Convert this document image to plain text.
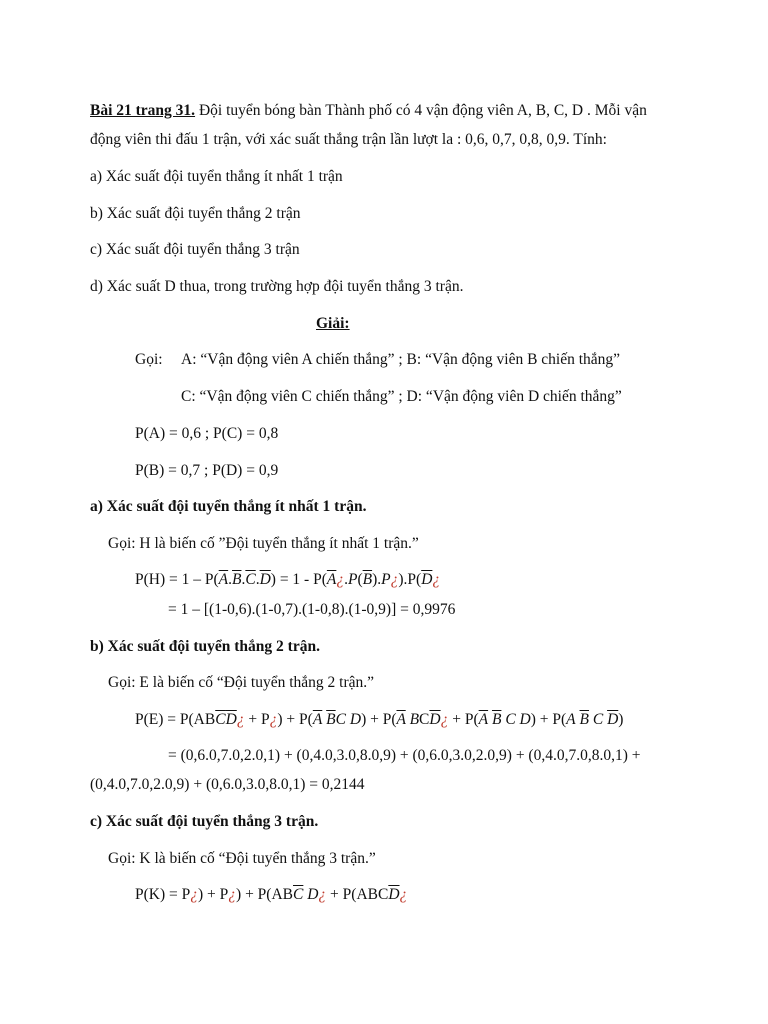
Bài 21 trang 31. Đội tuyển bóng bàn Thành phố có 4 vận động viên A, B, C, D . Mỗi vận
động viên thi đấu 1 trận, với xác suất thắng trận lần lượt la : 0,6, 0,7, 0,8, 0,9. Tính:
a) Xác suất đội tuyển thắng ít nhất 1 trận
b) Xác suất đội tuyển thắng 2 trận
c) Xác suất đội tuyển thắng 3 trận
d) Xác suất D thua, trong trường hợp đội tuyển thắng 3 trận.
Giải:
Gọi: A: “Vận động viên A chiến thắng” ; B: “Vận động viên B chiến thắng”
C: “Vận động viên C chiến thắng” ; D: “Vận động viên D chiến thắng”
P(A) = 0,6 ; P(C) = 0,8
P(B) = 0,7 ; P(D) = 0,9
a) Xác suất đội tuyển thắng ít nhất 1 trận.
Gọi: H là biến cố ”Đội tuyển thắng ít nhất 1 trận.”
$P(H) = 1 - P(\overline{A}.\overline{B}.\overline{C}.\overline{D}) = 1$ - $P(\overline{A}¿.P(\overline{B}).P¿).P(\overline{D}¿$
= 1 – [(1-0,6).(1-0,7).(1-0,8).(1-0,9)] = 0,9976
b) Xác suất đội tuyển thắng 2 trận.
Gọi: E là biến cố “Đội tuyển thắng 2 trận.”
$P(E) = P(AB\overline{C}\overline{D}¿$ + P¿) + $P(\overline{A}$ $\overline{B}C$ $D) + P(\overline{A}$ $BC\overline{D}¿ + P(\overline{A}$ $\overline{B}$ C D) + P(A $\overline{B}$ C $\overline{D}$)
= (0,6.0,7.0,2.0,1) + (0,4.0,3.0,8.0,9) + (0,6.0,3.0,2.0,9) + (0,4.0,7.0,8.0,1) +
(0,4.0,7.0,2.0,9) + (0,6.0,3.0,8.0,1) = 0,2144
c) Xác suất đội tuyển thắng 3 trận.
Gọi: K là biến cố “Đội tuyển thắng 3 trận.”
P(K) = P¿) + P¿) + $P(AB\overline{C}$ D¿ + $P(ABC\overline{D}¿$
